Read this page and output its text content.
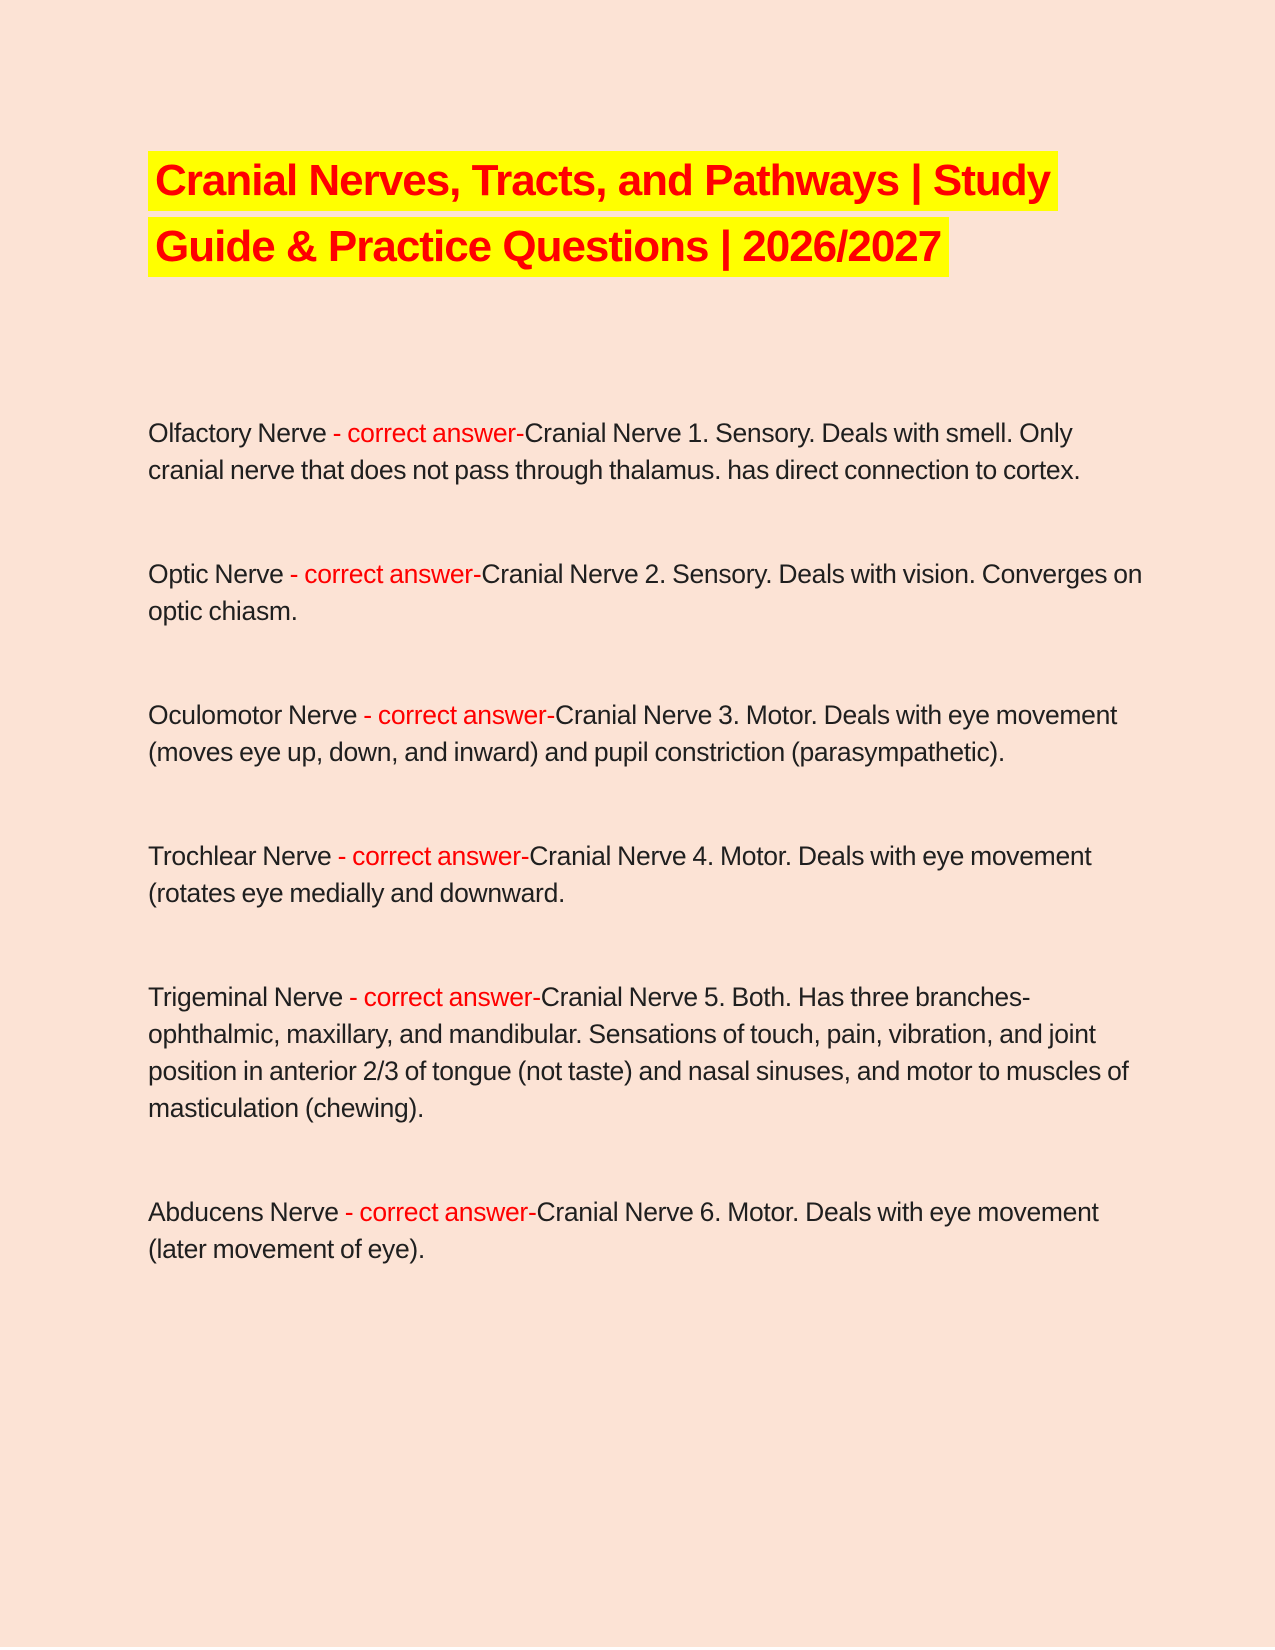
Cranial Nerves, Tracts, and Pathways | Study
Guide & Practice Questions | 2026/2027

Olfactory Nerve - correct answer-Cranial Nerve 1. Sensory. Deals with smell. Only cranial nerve that does not pass through thalamus. has direct connection to cortex.

Optic Nerve - correct answer-Cranial Nerve 2. Sensory. Deals with vision. Converges on optic chiasm.

Oculomotor Nerve - correct answer-Cranial Nerve 3. Motor. Deals with eye movement (moves eye up, down, and inward) and pupil constriction (parasympathetic).

Trochlear Nerve - correct answer-Cranial Nerve 4. Motor. Deals with eye movement (rotates eye medially and downward.

Trigeminal Nerve - correct answer-Cranial Nerve 5. Both. Has three branches-ophthalmic, maxillary, and mandibular. Sensations of touch, pain, vibration, and joint position in anterior 2/3 of tongue (not taste) and nasal sinuses, and motor to muscles of masticulation (chewing).

Abducens Nerve - correct answer-Cranial Nerve 6. Motor. Deals with eye movement (later movement of eye).
